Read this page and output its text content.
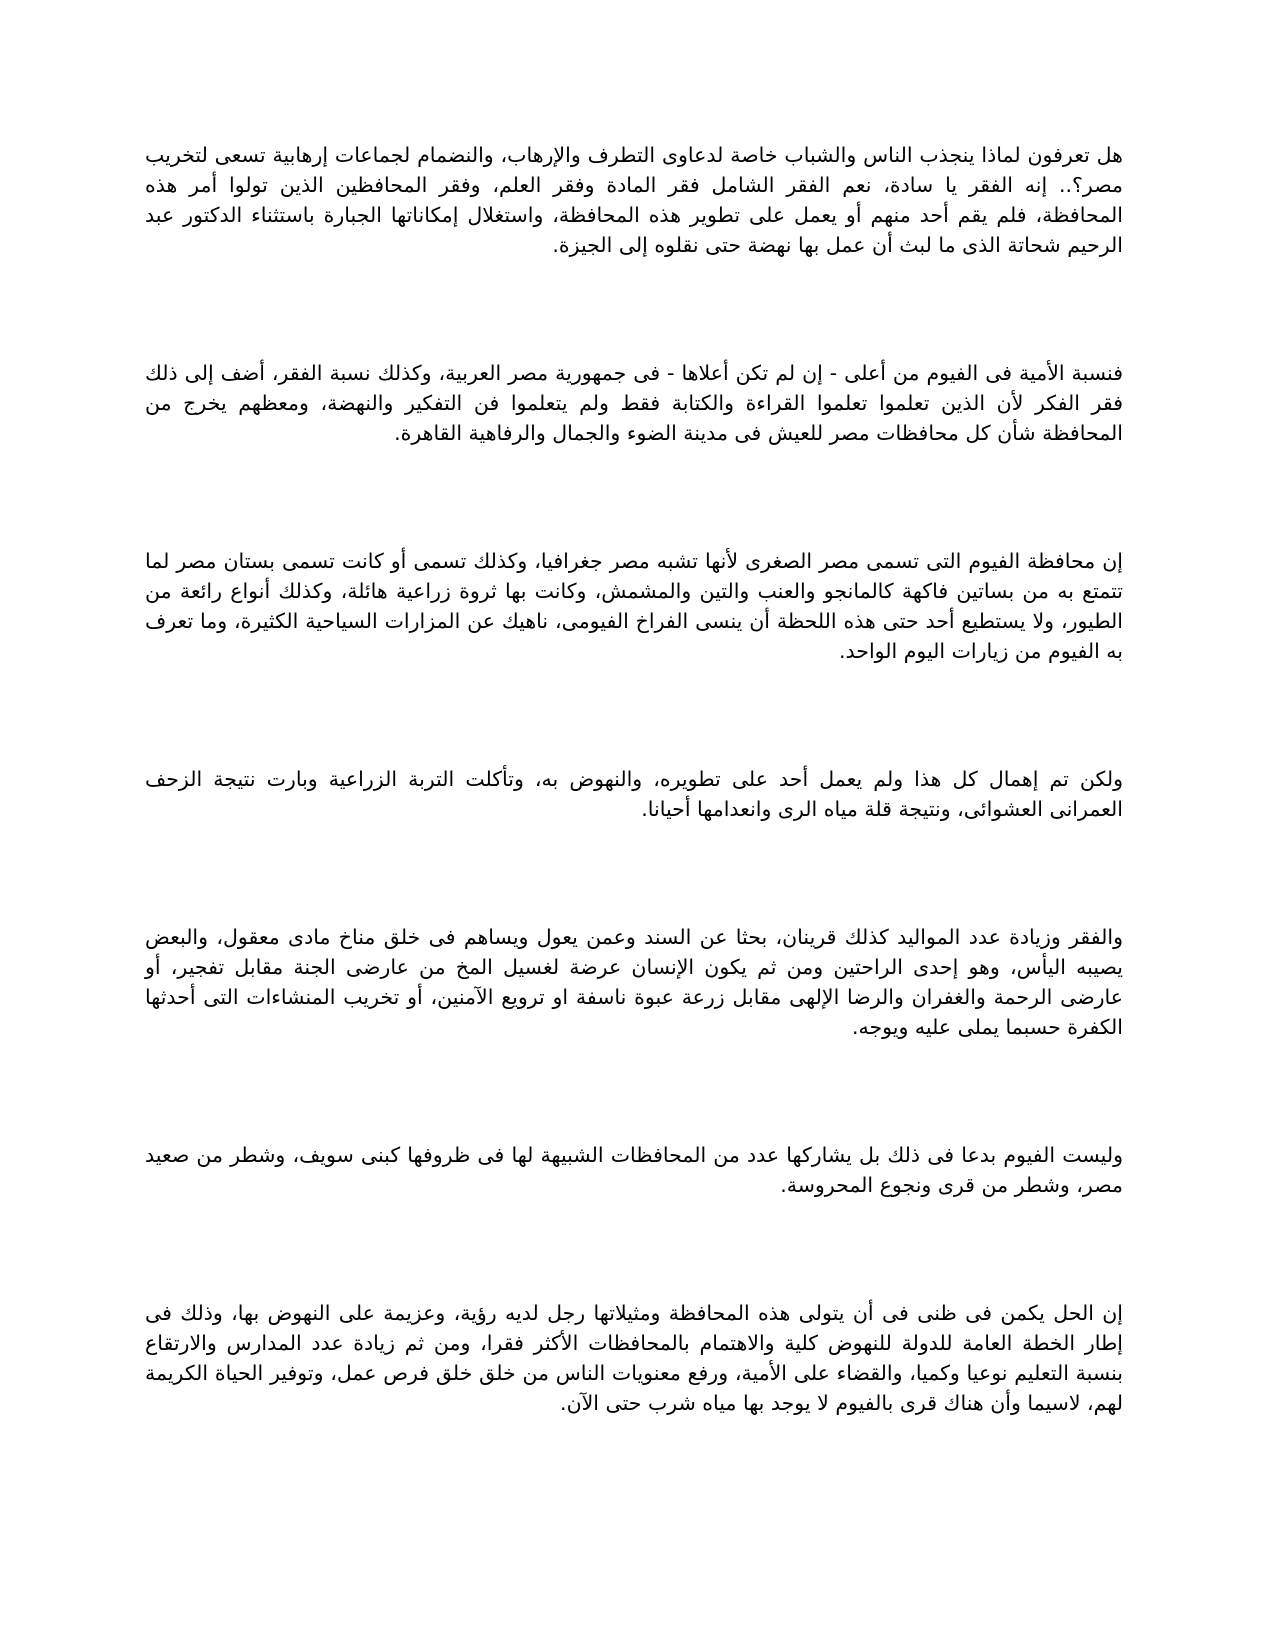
هل تعرفون لماذا ينجذب الناس والشباب خاصة لدعاوى التطرف والإرهاب، والنضمام لجماعات إرهابية تسعى لتخريب مصر؟.. إنه الفقر يا سادة، نعم الفقر الشامل فقر المادة وفقر العلم، وفقر المحافظين الذين تولوا أمر هذه المحافظة، فلم يقم أحد منهم أو يعمل على تطوير هذه المحافظة، واستغلال إمكاناتها الجبارة باستثناء الدكتور عبد الرحيم شحاتة الذى ما لبث أن عمل بها نهضة حتى نقلوه إلى الجيزة.

فنسبة الأمية فى الفيوم من أعلى - إن لم تكن أعلاها - فى جمهورية مصر العربية، وكذلك نسبة الفقر، أضف إلى ذلك فقر الفكر لأن الذين تعلموا تعلموا القراءة والكتابة فقط ولم يتعلموا فن التفكير والنهضة، ومعظهم يخرج من المحافظة شأن كل محافظات مصر للعيش فى مدينة الضوء والجمال والرفاهية القاهرة.

إن محافظة الفيوم التى تسمى مصر الصغرى لأنها تشبه مصر جغرافيا، وكذلك تسمى أو كانت تسمى بستان مصر لما تتمتع به من بساتين فاكهة كالمانجو والعنب والتين والمشمش، وكانت بها ثروة زراعية هائلة، وكذلك أنواع رائعة من الطيور، ولا يستطيع أحد حتى هذه اللحظة أن ينسى الفراخ الفيومى، ناهيك عن المزارات السياحية الكثيرة، وما تعرف به الفيوم من زيارات اليوم الواحد.

ولكن تم إهمال كل هذا ولم يعمل أحد على تطويره، والنهوض به، وتأكلت التربة الزراعية وبارت نتيجة الزحف العمرانى العشوائى، ونتيجة قلة مياه الرى وانعدامها أحيانا.

والفقر وزيادة عدد المواليد كذلك قرينان، بحثا عن السند وعمن يعول ويساهم فى خلق مناخ مادى معقول، والبعض يصيبه اليأس، وهو إحدى الراحتين ومن ثم يكون الإنسان عرضة لغسيل المخ من عارضى الجنة مقابل تفجير، أو عارضى الرحمة والغفران والرضا الإلهى مقابل زرعة عبوة ناسفة او ترويع الآمنين، أو تخريب المنشاءات التى أحدثها الكفرة حسبما يملى عليه ويوجه.

وليست الفيوم بدعا فى ذلك بل يشاركها عدد من المحافظات الشبيهة لها فى ظروفها كبنى سويف، وشطر من صعيد مصر، وشطر من قرى ونجوع المحروسة.

إن الحل يكمن فى ظنى فى أن يتولى هذه المحافظة ومثيلاتها رجل لديه رؤية، وعزيمة على النهوض بها، وذلك فى إطار الخطة العامة للدولة للنهوض كلية والاهتمام بالمحافظات الأكثر فقرا، ومن ثم زيادة عدد المدارس والارتقاع بنسبة التعليم نوعيا وكميا، والقضاء على الأمية، ورفع معنويات الناس من خلق خلق فرص عمل، وتوفير الحياة الكريمة لهم، لاسيما وأن هناك قرى بالفيوم لا يوجد بها مياه شرب حتى الآن.
